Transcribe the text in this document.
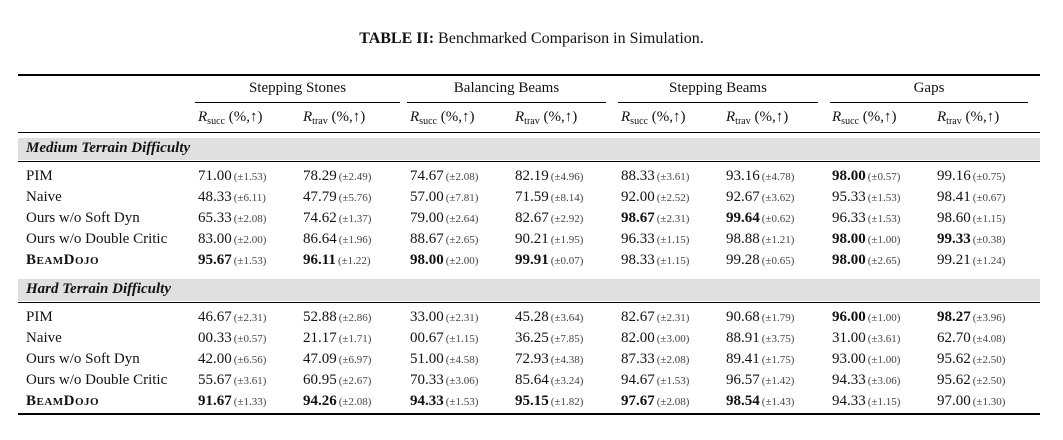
TABLE II: Benchmarked Comparison in Simulation.
Stepping Stones	Balancing Beams	Stepping Beams	Gaps
$R_{succ}$ (%,↑)	$R_{trav}$ (%,↑)	$R_{succ}$ (%,↑)	$R_{trav}$ (%,↑)	$R_{succ}$ (%,↑)	$R_{trav}$ (%,↑)	$R_{succ}$ (%,↑)	$R_{trav}$ (%,↑)
Medium Terrain Difficulty
PIM	71.00 (±1.53) 78.29 (±2.49)	74.67 (±2.08) 82.19 (±4.96)	88.33 (±3.61) 93.16 (±4.78)	98.00 (±0.57) 99.16 (±0.75)
Naive	48.33 (±6.11) 47.79 (±5.76)	57.00 (±7.81) 71.59 (±8.14)	92.00 (±2.52) 92.67 (±3.62)	95.33 (±1.53) 98.41 (±0.67)
Ours w/o Soft Dyn	65.33 (±2.08) 74.62 (±1.37)	79.00 (±2.64) 82.67 (±2.92)	98.67 (±2.31) 99.64 (±0.62)	96.33 (±1.53) 98.60 (±1.15)
Ours w/o Double Critic 83.00 (±2.00) 86.64 (±1.96)	88.67 (±2.65) 90.21 (±1.95)	96.33 (±1.15) 98.88 (±1.21)	98.00 (±1.00) 99.33 (±0.38)
BeamDojo	95.67 (±1.53) 96.11 (±1.22)	98.00 (±2.00) 99.91 (±0.07)	98.33 (±1.15) 99.28 (±0.65)	98.00 (±2.65) 99.21 (±1.24)
Hard Terrain Difficulty
PIM	46.67 (±2.31) 52.88 (±2.86)	33.00 (±2.31) 45.28 (±3.64)	82.67 (±2.31) 90.68 (±1.79)	96.00 (±1.00) 98.27 (±3.96)
Naive	00.33 (±0.57) 21.17 (±1.71)	00.67 (±1.15) 36.25 (±7.85)	82.00 (±3.00) 88.91 (±3.75)	31.00 (±3.61) 62.70 (±4.08)
Ours w/o Soft Dyn	42.00 (±6.56) 47.09 (±6.97)	51.00 (±4.58) 72.93 (±4.38)	87.33 (±2.08) 89.41 (±1.75)	93.00 (±1.00) 95.62 (±2.50)
Ours w/o Double Critic 55.67 (±3.61) 60.95 (±2.67)	70.33 (±3.06) 85.64 (±3.24)	94.67 (±1.53) 96.57 (±1.42)	94.33 (±3.06) 95.62 (±2.50)
BeamDojo	91.67 (±1.33) 94.26 (±2.08)	94.33 (±1.53) 95.15 (±1.82)	97.67 (±2.08) 98.54 (±1.43)	94.33 (±1.15) 97.00 (±1.30)
